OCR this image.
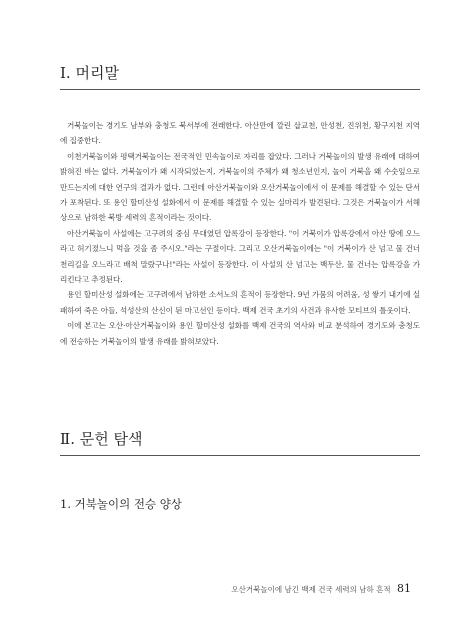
Ⅰ. 머리말

거북놀이는 경기도 남부와 충청도 북서부에 전래한다. 아산만에 깔린 삽교천, 안성천, 진위천, 황구지천 지역에 집중한다.

이천거북놀이와 평택거북놀이는 전국적인 민속놀이로 자리를 잡았다. 그러나 거북놀이의 발생 유래에 대하여 밝혀진 바는 없다. 거북놀이가 왜 시작되었는지, 거북놀이의 주체가 왜 청소년인지, 놀이 거북을 왜 수숫잎으로 만드는지에 대한 연구의 결과가 없다. 그런데 아산거북놀이와 오산거북놀이에서 이 문제를 해결할 수 있는 단서가 포착된다. 또 용인 할미산성 설화에서 이 문제를 해결할 수 있는 실마리가 발견된다. 그것은 거북놀이가 서해상으로 남하한 북방 세력의 흔적이라는 것이다.

아산거북놀이 사설에는 고구려의 중심 무대였던 압록강이 등장한다. "이 거북이가 압록강에서 아산 땅에 오느라고 허기졌느니 먹을 것을 좀 주시오."라는 구절이다. 그리고 오산거북놀이에는 "이 거북이가 산 넘고 물 건너 천리길을 오느라고 배척 말랐구나!"라는 사설이 등장한다. 이 사설의 산 넘고는 백두산, 물 건너는 압록강을 가리킨다고 추정된다.

용인 할미산성 설화에는 고구려에서 남하한 소서노의 흔적이 등장한다. 9년 가뭄의 어려움, 성 쌓기 내기에 실패하여 죽은 아들, 석성산의 산신이 된 마고선인 등이다. 백제 건국 초기의 사건과 유사한 모티브의 틀웃이다.

이에 본고는 오산·아산거북놀이와 용인 할미산성 설화를 백제 건국의 역사와 비교 분석하여 경기도와 충청도에 전승하는 거북놀이의 발생 유래를 밝혀보았다.

Ⅱ. 문헌 탐색
1. 거북놀이의 전승 양상
오산거북놀이에 남긴 백제 건국 세력의 남하 흔적 81
